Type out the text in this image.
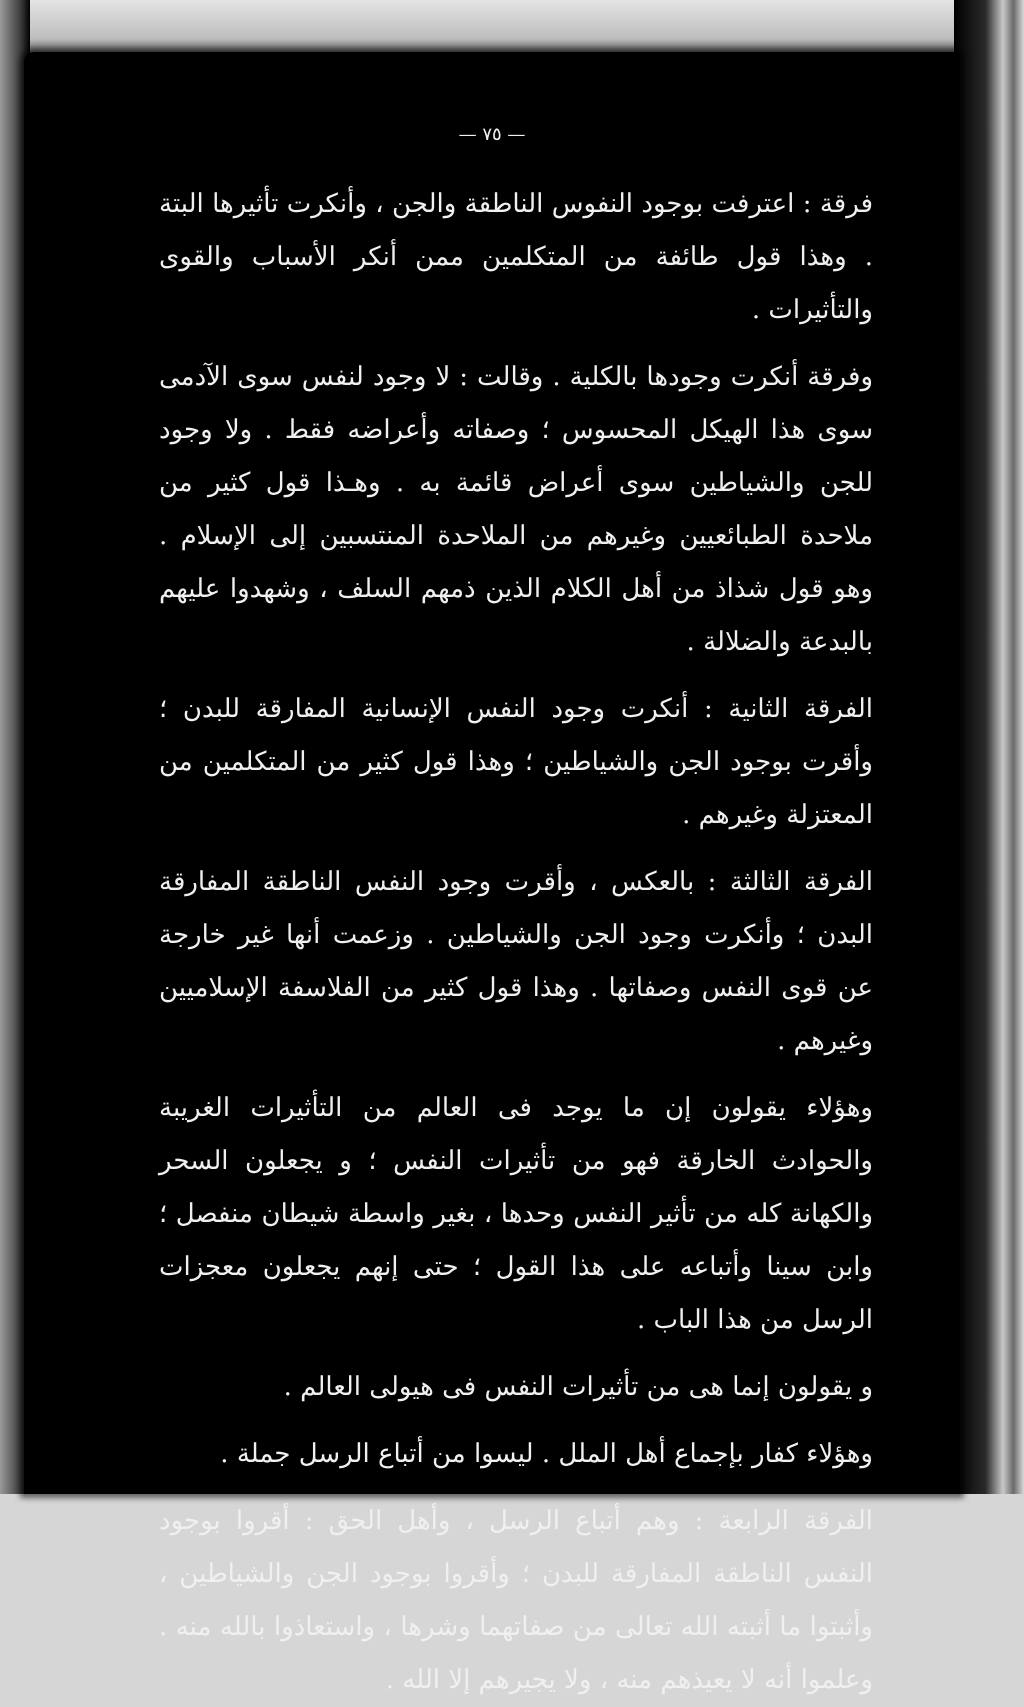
— ٧٥ —

فرقة : اعترفت بوجود النفوس الناطقة والجن ، وأنكرت تأثيرها البتة . وهذا قول طائفة من المتكلمين ممن أنكر الأسباب والقوى والتأثيرات .

وفرقة أنكرت وجودها بالكلية . وقالت : لا وجود لنفس سوى الآدمى سوى هذا الهيكل المحسوس ؛ وصفاته وأعراضه فقط . ولا وجود للجن والشياطين سوى أعراض قائمة به . وهـذا قول كثير من ملاحدة الطبائعيين وغيرهم من الملاحدة المنتسبين إلى الإسلام . وهو قول شذاذ من أهل الكلام الذين ذمهم السلف ، وشهدوا عليهم بالبدعة والضلالة .

الفرقة الثانية : أنكرت وجود النفس الإنسانية المفارقة للبدن ؛ وأقرت بوجود الجن والشياطين ؛ وهذا قول كثير من المتكلمين من المعتزلة وغيرهم .

الفرقة الثالثة : بالعكس ، وأقرت وجود النفس الناطقة المفارقة البدن ؛ وأنكرت وجود الجن والشياطين . وزعمت أنها غير خارجة عن قوى النفس وصفاتها . وهذا قول كثير من الفلاسفة الإسلاميين وغيرهم .

وهؤلاء يقولون إن ما يوجد فى العالم من التأثيرات الغريبة والحوادث الخارقة فهو من تأثيرات النفس ؛ و يجعلون السحر والكهانة كله من تأثير النفس وحدها ، بغير واسطة شيطان منفصل ؛ وابن سينا وأتباعه على هذا القول ؛ حتى إنهم يجعلون معجزات الرسل من هذا الباب .

و يقولون إنما هى من تأثيرات النفس فى هيولى العالم .

وهؤلاء كفار بإجماع أهل الملل . ليسوا من أتباع الرسل جملة .

الفرقة الرابعة : وهم أتباع الرسل ، وأهل الحق : أقروا بوجود النفس الناطقة المفارقة للبدن ؛ وأقروا بوجود الجن والشياطين ، وأثبتوا ما أثبته الله تعالى من صفاتهما وشرها ، واستعاذوا بالله منه . وعلموا أنه لا يعيذهم منه ، ولا يجيرهم إلا الله .
